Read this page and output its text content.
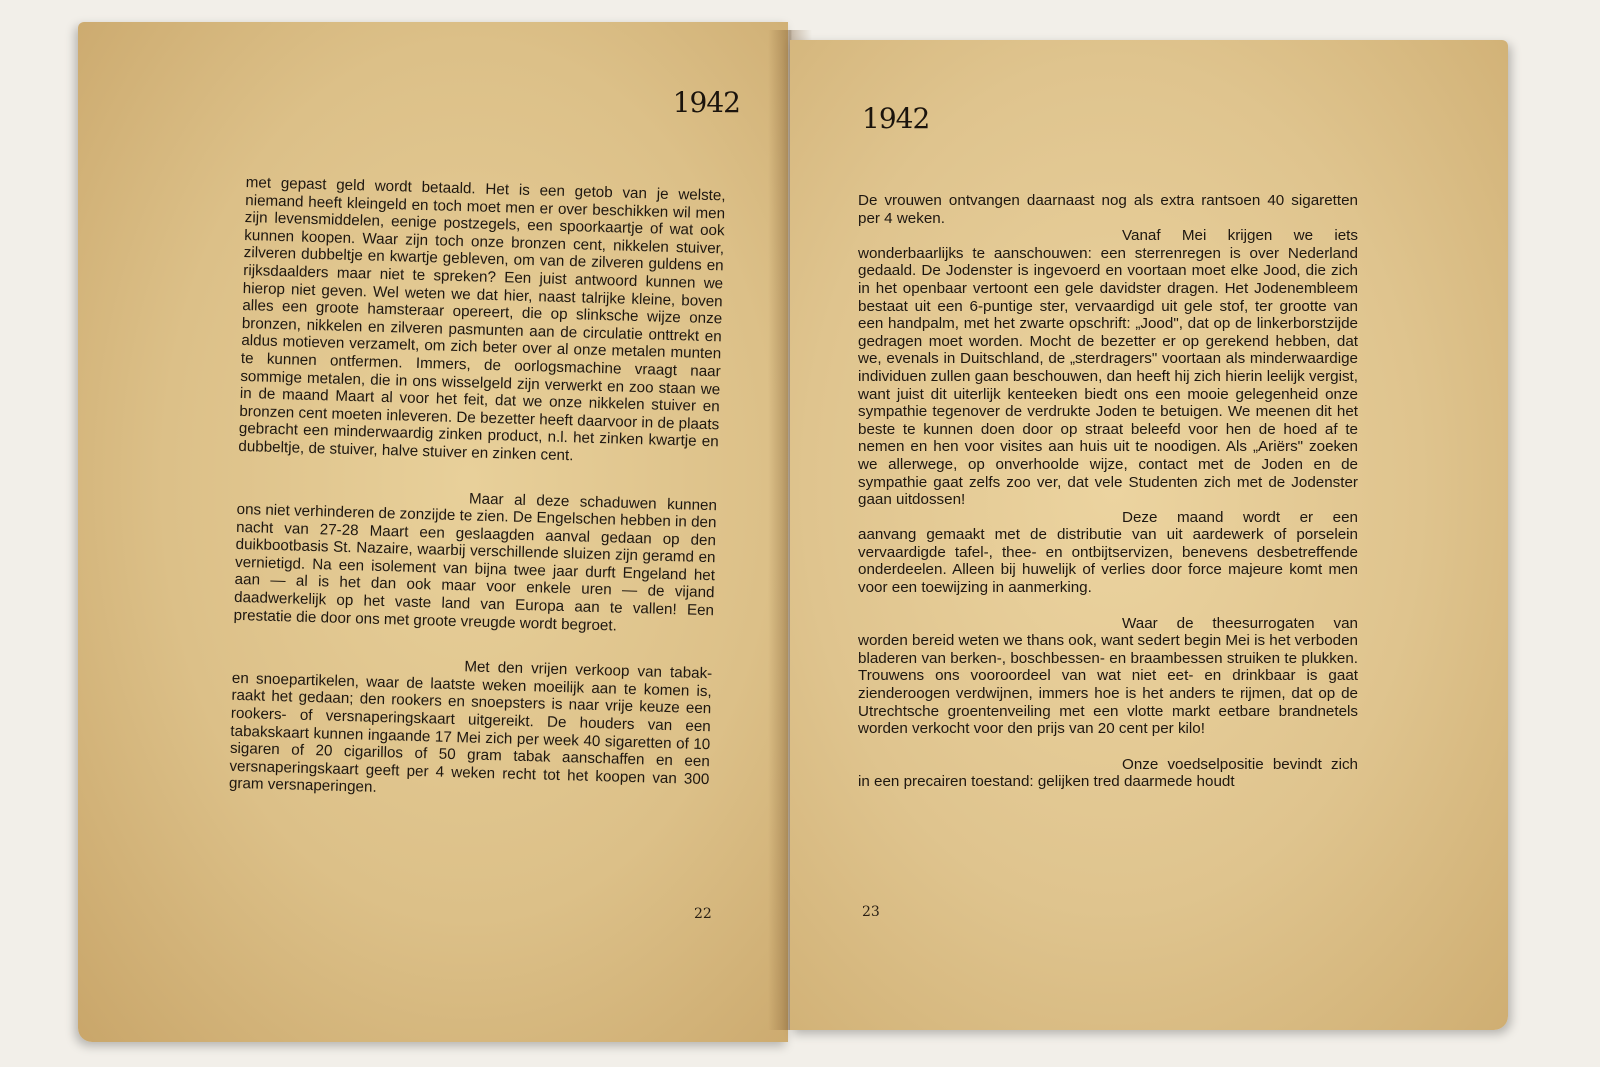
1942

met gepast geld wordt betaald. Het is een getob van je welste, niemand heeft kleingeld en toch moet men er over beschikken wil men zijn levensmiddelen, eenige postzegels, een spoorkaartje of wat ook kunnen koopen. Waar zijn toch onze bronzen cent, nikkelen stuiver, zilveren dubbeltje en kwartje gebleven, om van de zilveren guldens en rijksdaalders maar niet te spreken? Een juist antwoord kunnen we hierop niet geven. Wel weten we dat hier, naast talrijke kleine, boven alles een groote hamsteraar opereert, die op slinksche wijze onze bronzen, nikkelen en zilveren pasmunten aan de circulatie onttrekt en aldus motieven verzamelt, om zich beter over al onze metalen munten te kunnen ontfermen. Immers, de oorlogsmachine vraagt naar sommige metalen, die in ons wisselgeld zijn verwerkt en zoo staan we in de maand Maart al voor het feit, dat we onze nikkelen stuiver en bronzen cent moeten inleveren. De bezetter heeft daarvoor in de plaats gebracht een minderwaardig zinken product, n.l. het zinken kwartje en dubbeltje, de stuiver, halve stuiver en zinken cent.

Maar al deze schaduwen kunnen ons niet verhinderen de zonzijde te zien. De Engelschen hebben in den nacht van 27-28 Maart een geslaagden aanval gedaan op den duikbootbasis St. Nazaire, waarbij verschillende sluizen zijn geramd en vernietigd. Na een isolement van bijna twee jaar durft Engeland het aan — al is het dan ook maar voor enkele uren — de vijand daadwerkelijk op het vaste land van Europa aan te vallen! Een prestatie die door ons met groote vreugde wordt begroet.

Met den vrijen verkoop van tabak- en snoepartikelen, waar de laatste weken moeilijk aan te komen is, raakt het gedaan; den rookers en snoepsters is naar vrije keuze een rookers- of versnaperingskaart uitgereikt. De houders van een tabakskaart kunnen ingaande 17 Mei zich per week 40 sigaretten of 10 sigaren of 20 cigarillos of 50 gram tabak aanschaffen en een versnaperingskaart geeft per 4 weken recht tot het koopen van 300 gram versnaperingen.

22
1942

De vrouwen ontvangen daarnaast nog als extra rantsoen 40 sigaretten per 4 weken.

Vanaf Mei krijgen we iets wonderbaarlijks te aanschouwen: een sterrenregen is over Nederland gedaald. De Jodenster is ingevoerd en voortaan moet elke Jood, die zich in het openbaar vertoont een gele davidster dragen. Het Jodenembleem bestaat uit een 6-puntige ster, vervaardigd uit gele stof, ter grootte van een handpalm, met het zwarte opschrift: „Jood", dat op de linkerborstzijde gedragen moet worden. Mocht de bezetter er op gerekend hebben, dat we, evenals in Duitschland, de „sterdragers" voortaan als minderwaardige individuen zullen gaan beschouwen, dan heeft hij zich hierin leelijk vergist, want juist dit uiterlijk kenteeken biedt ons een mooie gelegenheid onze sympathie tegenover de verdrukte Joden te betuigen. We meenen dit het beste te kunnen doen door op straat beleefd voor hen de hoed af te nemen en hen voor visites aan huis uit te noodigen. Als „Ariërs" zoeken we allerwege, op onverhoolde wijze, contact met de Joden en de sympathie gaat zelfs zoo ver, dat vele Studenten zich met de Jodenster gaan uitdossen!

Deze maand wordt er een aanvang gemaakt met de distributie van uit aardewerk of porselein vervaardigde tafel-, thee- en ontbijtservizen, benevens desbetreffende onderdeelen. Alleen bij huwelijk of verlies door force majeure komt men voor een toewijzing in aanmerking.

Waar de theesurrogaten van worden bereid weten we thans ook, want sedert begin Mei is het verboden bladeren van berken-, boschbessen- en braambessen struiken te plukken. Trouwens ons vooroordeel van wat niet eet- en drinkbaar is gaat zienderoogen verdwijnen, immers hoe is het anders te rijmen, dat op de Utrechtsche groentenveiling met een vlotte markt eetbare brandnetels worden verkocht voor den prijs van 20 cent per kilo!

Onze voedselpositie bevindt zich in een precairen toestand: gelijken tred daarmede houdt

23
